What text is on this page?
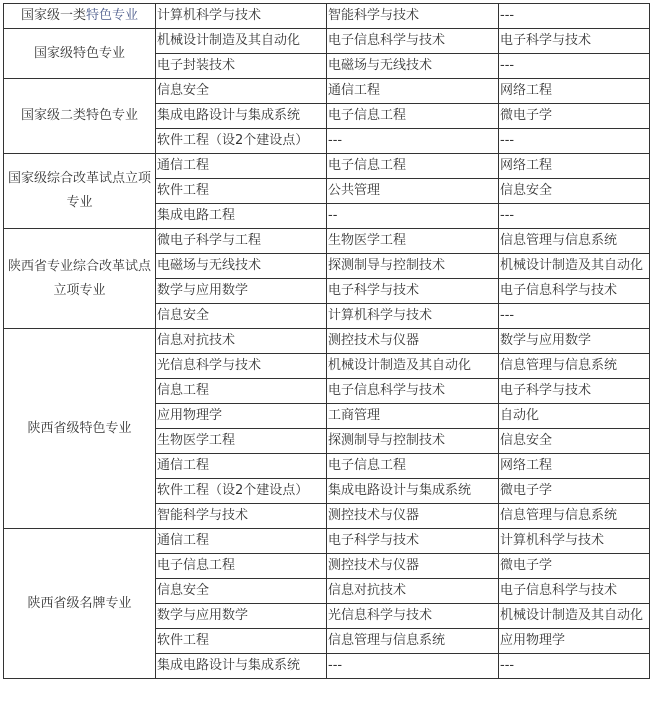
国家级一类特色专业	计算机科学与技术	智能科学与技术	---
国家级特色专业	机械设计制造及其自动化	电子信息科学与技术	电子科学与技术
	电子封装技术	电磁场与无线技术	---
国家级二类特色专业	信息安全	通信工程	网络工程
	集成电路设计与集成系统	电子信息工程	微电子学
	软件工程（设2个建设点）	---	---
国家级综合改革试点立项专业	通信工程	电子信息工程	网络工程
	软件工程	公共管理	信息安全
	集成电路工程	--	---
陕西省专业综合改革试点立项专业	微电子科学与工程	生物医学工程	信息管理与信息系统
	电磁场与无线技术	探测制导与控制技术	机械设计制造及其自动化
	数学与应用数学	电子科学与技术	电子信息科学与技术
	信息安全	计算机科学与技术	---
陕西省级特色专业	信息对抗技术	测控技术与仪器	数学与应用数学
	光信息科学与技术	机械设计制造及其自动化	信息管理与信息系统
	信息工程	电子信息科学与技术	电子科学与技术
	应用物理学	工商管理	自动化
	生物医学工程	探测制导与控制技术	信息安全
	通信工程	电子信息工程	网络工程
	软件工程（设2个建设点）	集成电路设计与集成系统	微电子学
	智能科学与技术	测控技术与仪器	信息管理与信息系统
陕西省级名牌专业	通信工程	电子科学与技术	计算机科学与技术
	电子信息工程	测控技术与仪器	微电子学
	信息安全	信息对抗技术	电子信息科学与技术
	数学与应用数学	光信息科学与技术	机械设计制造及其自动化
	软件工程	信息管理与信息系统	应用物理学
	集成电路设计与集成系统	---	---
